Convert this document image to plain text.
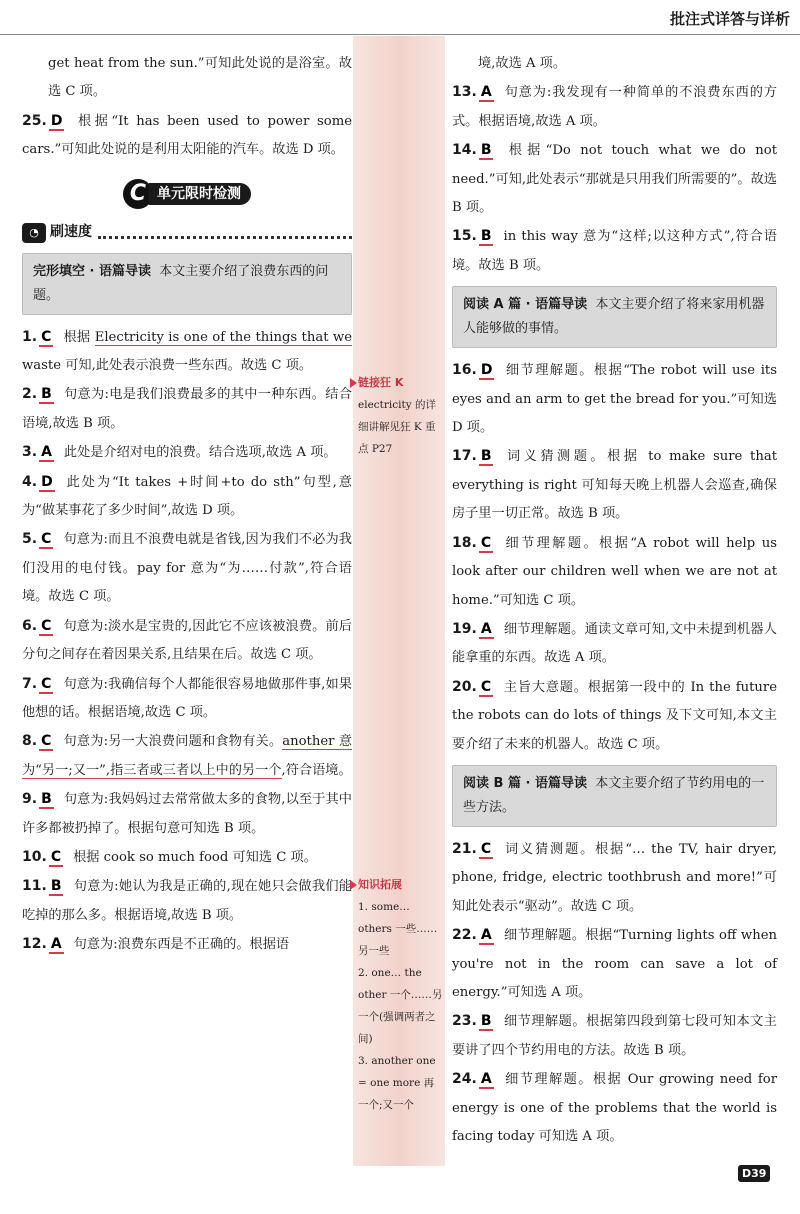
批注式详答与详析

get heat from the sun.”可知此处说的是浴室。故选 C 项。

25. D 根据“It has been used to power some cars.”可知此处说的是利用太阳能的汽车。故选 D 项。

C 单元限时检测
◔ 刷速度
完形填空 · 语篇导读 本文主要介绍了浪费东西的问题。

1. C 根据 Electricity is one of the things that we waste 可知,此处表示浪费一些东西。故选 C 项。

2. B 句意为:电是我们浪费最多的其中一种东西。结合语境,故选 B 项。

3. A 此处是介绍对电的浪费。结合选项,故选 A 项。

4. D 此处为“It takes +时间+to do sth”句型,意为“做某事花了多少时间”,故选 D 项。

5. C 句意为:而且不浪费电就是省钱,因为我们不必为我们没用的电付钱。pay for 意为“为……付款”,符合语境。故选 C 项。

6. C 句意为:淡水是宝贵的,因此它不应该被浪费。前后分句之间存在着因果关系,且结果在后。故选 C 项。

7. C 句意为:我确信每个人都能很容易地做那件事,如果他想的话。根据语境,故选 C 项。

8. C 句意为:另一大浪费问题和食物有关。another 意为“另一;又一”,指三者或三者以上中的另一个,符合语境。

9. B 句意为:我妈妈过去常常做太多的食物,以至于其中许多都被扔掉了。根据句意可知选 B 项。

10. C 根据 cook so much food 可知选 C 项。

11. B 句意为:她认为我是正确的,现在她只会做我们能吃掉的那么多。根据语境,故选 B 项。

12. A 句意为:浪费东西是不正确的。根据语

链接狂 K
electricity 的详细讲解见狂 K 重点 P27
知识拓展
1. some… others 一些……另一些
2. one… the other 一个……另一个(强调两者之间)
3. another one = one more 再一个;又一个

境,故选 A 项。

13. A 句意为:我发现有一种简单的不浪费东西的方式。根据语境,故选 A 项。

14. B 根据“Do not touch what we do not need.”可知,此处表示“那就是只用我们所需要的”。故选 B 项。

15. B in this way 意为“这样;以这种方式”,符合语境。故选 B 项。

阅读 A 篇 · 语篇导读 本文主要介绍了将来家用机器人能够做的事情。

16. D 细节理解题。根据“The robot will use its eyes and an arm to get the bread for you.”可知选 D 项。

17. B 词义猜测题。根据 to make sure that everything is right 可知每天晚上机器人会巡查,确保房子里一切正常。故选 B 项。

18. C 细节理解题。根据“A robot will help us look after our children well when we are not at home.”可知选 C 项。

19. A 细节理解题。通读文章可知,文中未提到机器人能拿重的东西。故选 A 项。

20. C 主旨大意题。根据第一段中的 In the future the robots can do lots of things 及下文可知,本文主要介绍了未来的机器人。故选 C 项。

阅读 B 篇 · 语篇导读 本文主要介绍了节约用电的一些方法。

21. C 词义猜测题。根据“… the TV, hair dryer, phone, fridge, electric toothbrush and more!”可知此处表示“驱动”。故选 C 项。

22. A 细节理解题。根据“Turning lights off when you're not in the room can save a lot of energy.”可知选 A 项。

23. B 细节理解题。根据第四段到第七段可知本文主要讲了四个节约用电的方法。故选 B 项。

24. A 细节理解题。根据 Our growing need for energy is one of the problems that the world is facing today 可知选 A 项。

D39
